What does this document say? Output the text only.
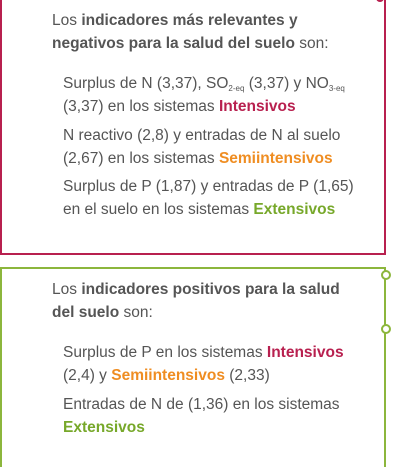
Los indicadores más relevantes y negativos para la salud del suelo son:

Surplus de N (3,37), $SO_{2-eq}$ (3,37) y $NO_{3-eq}$ (3,37) en los sistemas Intensivos

N reactivo (2,8) y entradas de N al suelo (2,67) en los sistemas Semiintensivos

Surplus de P (1,87) y entradas de P (1,65) en el suelo en los sistemas Extensivos

Los indicadores positivos para la salud del suelo son:

Surplus de P en los sistemas Intensivos (2,4) y Semiintensivos (2,33)

Entradas de N de (1,36) en los sistemas Extensivos
